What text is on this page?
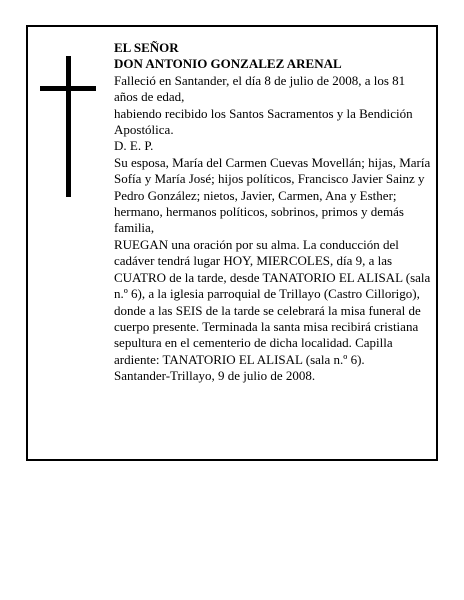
EL SEÑOR

DON ANTONIO GONZALEZ ARENAL

Falleció en Santander, el día 8 de julio de 2008, a los 81 años de edad,

habiendo recibido los Santos Sacramentos y la Bendición Apostólica.

D. E. P.

Su esposa, María del Carmen Cuevas Movellán; hijas, María Sofía y María José; hijos políticos, Francisco Javier Sainz y Pedro González; nietos, Javier, Carmen, Ana y Esther; hermano, hermanos políticos, sobrinos, primos y demás familia,

RUEGAN una oración por su alma. La conducción del cadáver tendrá lugar HOY, MIERCOLES, día 9, a las CUATRO de la tarde, desde TANATORIO EL ALISAL (sala n.º 6), a la iglesia parroquial de Trillayo (Castro Cillorigo), donde a las SEIS de la tarde se celebrará la misa funeral de cuerpo presente. Terminada la santa misa recibirá cristiana sepultura en el cementerio de dicha localidad. Capilla ardiente: TANATORIO EL ALISAL (sala n.º 6).

Santander-Trillayo, 9 de julio de 2008.
